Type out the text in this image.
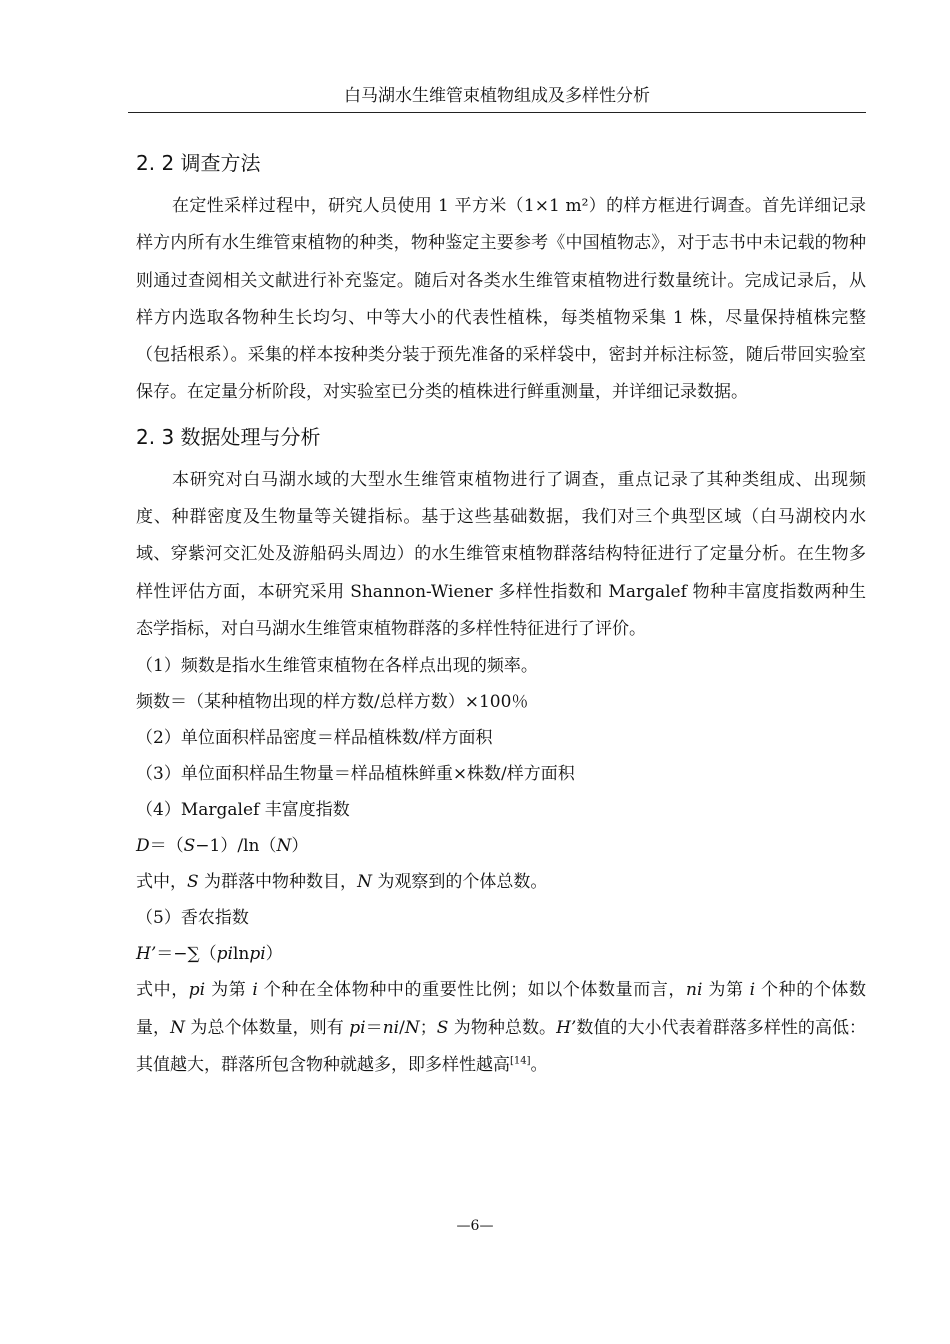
白马湖水生维管束植物组成及多样性分析
2. 2 调查方法

在定性采样过程中，研究人员使用 1 平方米（1×1 m²）的样方框进行调查。首先详细记录样方内所有水生维管束植物的种类，物种鉴定主要参考《中国植物志》，对于志书中未记载的物种则通过查阅相关文献进行补充鉴定。随后对各类水生维管束植物进行数量统计。完成记录后，从样方内选取各物种生长均匀、中等大小的代表性植株，每类植物采集 1 株，尽量保持植株完整（包括根系）。采集的样本按种类分装于预先准备的采样袋中，密封并标注标签，随后带回实验室保存。在定量分析阶段，对实验室已分类的植株进行鲜重测量，并详细记录数据。

2. 3 数据处理与分析

本研究对白马湖水域的大型水生维管束植物进行了调查，重点记录了其种类组成、出现频度、种群密度及生物量等关键指标。基于这些基础数据，我们对三个典型区域（白马湖校内水域、穿紫河交汇处及游船码头周边）的水生维管束植物群落结构特征进行了定量分析。在生物多样性评估方面，本研究采用 Shannon-Wiener 多样性指数和 Margalef 物种丰富度指数两种生态学指标，对白马湖水生维管束植物群落的多样性特征进行了评价。

（1）频数是指水生维管束植物在各样点出现的频率。
频数＝（某种植物出现的样方数/总样方数）×100％
（2）单位面积样品密度＝样品植株数/样方面积
（3）单位面积样品生物量＝样品植株鲜重×株数/样方面积
（4）Margalef 丰富度指数
D＝（S−1）/ln（N）
式中，S 为群落中物种数目，N 为观察到的个体总数。
（5）香农指数
H’＝−∑（pilnpi）

式中，pi 为第 i 个种在全体物种中的重要性比例；如以个体数量而言，ni 为第 i 个种的个体数量，N 为总个体数量，则有 pi＝ni/N；S 为物种总数。H’数值的大小代表着群落多样性的高低：其值越大，群落所包含物种就越多，即多样性越高[14]。

—6—
